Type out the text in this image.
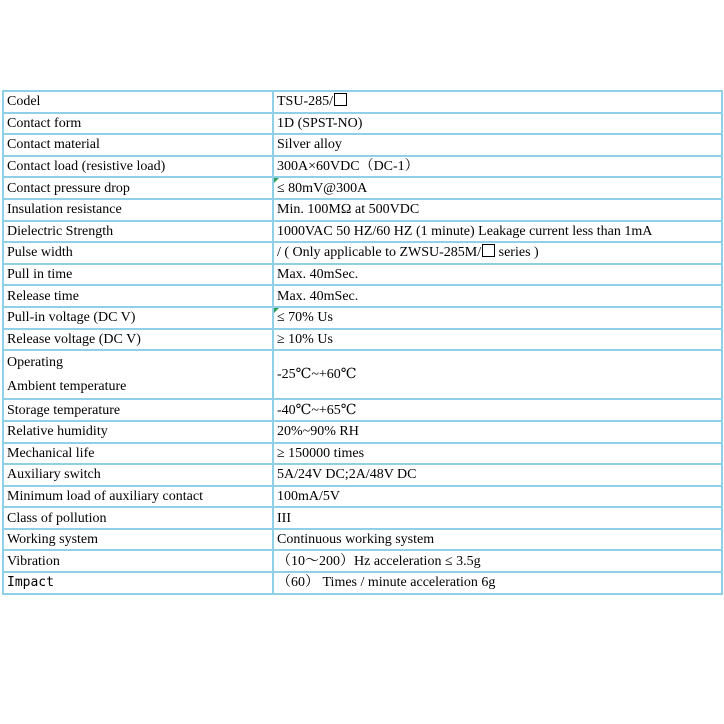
Codel	TSU-285/
Contact form	1D (SPST-NO)
Contact material	Silver alloy
Contact load (resistive load)	300A×60VDC（DC-1）
Contact pressure drop	≤ 80mV@300A
Insulation resistance	Min. 100MΩ at 500VDC
Dielectric Strength	1000VAC 50 HZ/60 HZ (1 minute) Leakage current less than 1mA
Pulse width	/ ( Only applicable to ZWSU-285M/ series )
Pull in time	Max. 40mSec.
Release time	Max. 40mSec.
Pull-in voltage (DC V)	≤ 70% Us
Release voltage (DC V)	≥ 10% Us

Operating
Ambient temperature	-25℃~+60℃
Storage temperature	-40℃~+65℃
Relative humidity	20%~90% RH
Mechanical life	≥ 150000 times
Auxiliary switch	5A/24V DC;2A/48V DC
Minimum load of auxiliary contact	100mA/5V
Class of pollution	III
Working system	Continuous working system
Vibration	（10～200）Hz acceleration ≤ 3.5g
Impact	（60） Times / minute acceleration 6g
